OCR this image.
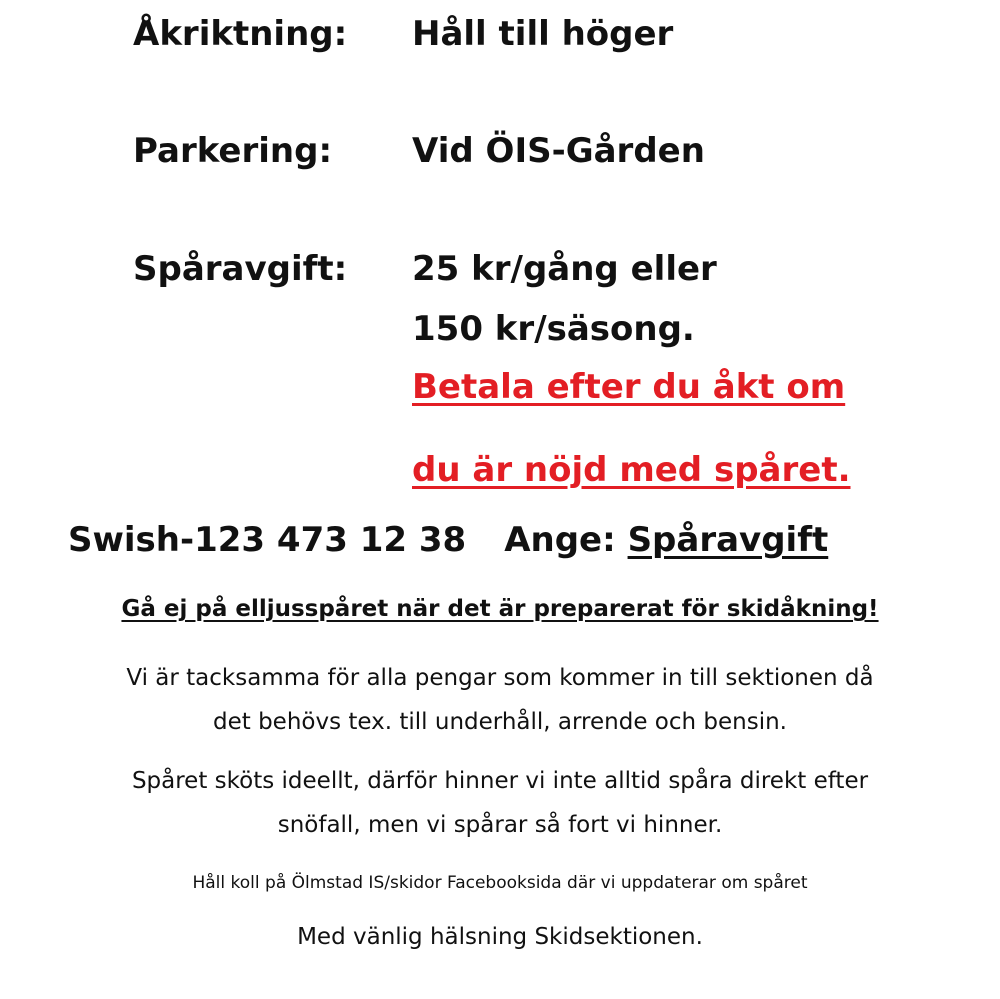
Åkriktning: Håll till höger
Parkering: Vid ÖIS-Gården
Spåravgift: 25 kr/gång eller
150 kr/säsong.
Betala efter du åkt om
du är nöjd med spåret.
Swish-123 473 12 38 Ange: Spåravgift
Gå ej på elljusspåret när det är preparerat för skidåkning!
Vi är tacksamma för alla pengar som kommer in till sektionen då
det behövs tex. till underhåll, arrende och bensin.
Spåret sköts ideellt, därför hinner vi inte alltid spåra direkt efter
snöfall, men vi spårar så fort vi hinner.
Håll koll på Ölmstad IS/skidor Facebooksida där vi uppdaterar om spåret
Med vänlig hälsning Skidsektionen.
